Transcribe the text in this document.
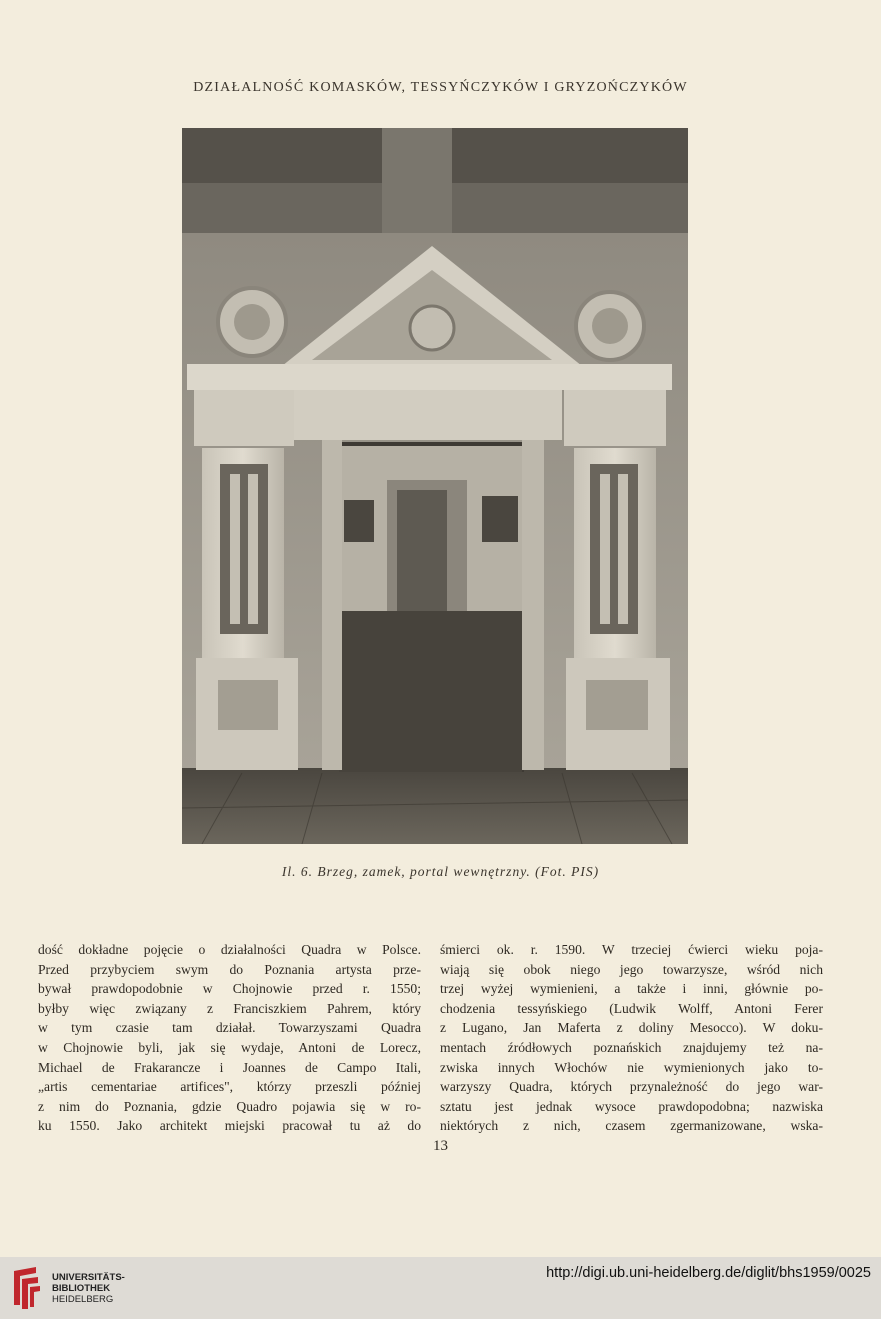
DZIAŁALNOŚĆ KOMASKÓW, TESSYŃCZYKÓW I GRYZOŃCZYKÓW
Il. 6. Brzeg, zamek, portal wewnętrzny. (Fot. PIS)
dość dokładne pojęcie o działalności Quadra w Polsce.
Przed przybyciem swym do Poznania artysta prze-
bywał prawdopodobnie w Chojnowie przed r. 1550;
byłby więc związany z Franciszkiem Pahrem, który
w tym czasie tam działał. Towarzyszami Quadra
w Chojnowie byli, jak się wydaje, Antoni de Lorecz,
Michael de Frakarancze i Joannes de Campo Itali,
„artis cementariae artifices", którzy przeszli później
z nim do Poznania, gdzie Quadro pojawia się w ro-
ku 1550. Jako architekt miejski pracował tu aż do
śmierci ok. r. 1590. W trzeciej ćwierci wieku poja-
wiają się obok niego jego towarzysze, wśród nich
trzej wyżej wymienieni, a także i inni, głównie po-
chodzenia tessyńskiego (Ludwik Wolff, Antoni Ferer
z Lugano, Jan Maferta z doliny Mesocco). W doku-
mentach źródłowych poznańskich znajdujemy też na-
zwiska innych Włochów nie wymienionych jako to-
warzyszy Quadra, których przynależność do jego war-
sztatu jest jednak wysoce prawdopodobna; nazwiska
niektórych z nich, czasem zgermanizowane, wska-
13
UNIVERSITÄTS-
BIBLIOTHEK
HEIDELBERG
http://digi.ub.uni-heidelberg.de/diglit/bhs1959/0025
